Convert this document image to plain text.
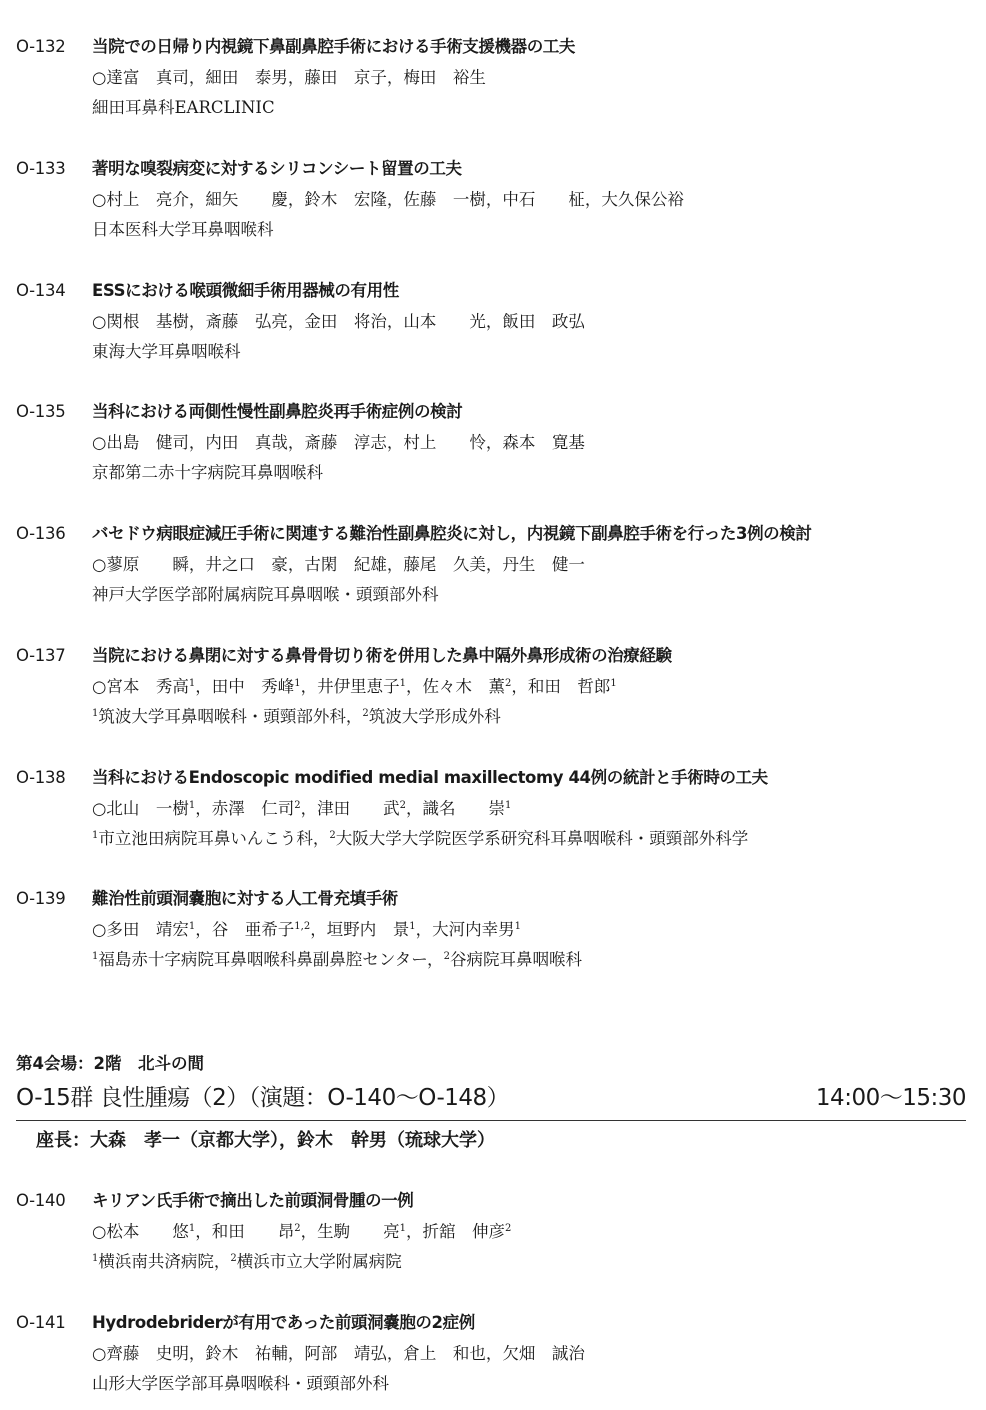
第4会場：2階　北斗の間
O-15群 良性腫瘍（2）（演題：O-140～O-148）	14:00～15:30
座長：大森　孝一（京都大学），鈴木　幹男（琉球大学）
O-132 当院での日帰り内視鏡下鼻副鼻腔手術における手術支援機器の工夫
○達富　真司，細田　泰男，藤田　京子，梅田　裕生
細田耳鼻科EARCLINIC
O-133 著明な嗅裂病変に対するシリコンシート留置の工夫
○村上　亮介，細矢　　慶，鈴木　宏隆，佐藤　一樹，中石　　柾，大久保公裕
日本医科大学耳鼻咽喉科
O-134 ESSにおける喉頭微細手術用器械の有用性
○関根　基樹，斎藤　弘亮，金田　将治，山本　　光，飯田　政弘
東海大学耳鼻咽喉科
O-135 当科における両側性慢性副鼻腔炎再手術症例の検討
○出島　健司，内田　真哉，斎藤　淳志，村上　　怜，森本　寛基
京都第二赤十字病院耳鼻咽喉科
O-136 バセドウ病眼症減圧手術に関連する難治性副鼻腔炎に対し，内視鏡下副鼻腔手術を行った3例の検討
○蓼原　　瞬，井之口　豪，古閑　紀雄，藤尾　久美，丹生　健一
神戸大学医学部附属病院耳鼻咽喉・頭頸部外科
O-137 当院における鼻閉に対する鼻骨骨切り術を併用した鼻中隔外鼻形成術の治療経験
○宮本　秀高$^1$，田中　秀峰$^1$，井伊里恵子$^1$，佐々木　薫$^2$，和田　哲郎$^1$
$^1$筑波大学耳鼻咽喉科・頭頸部外科，$^2$筑波大学形成外科
O-138 当科におけるEndoscopic modified medial maxillectomy 44例の統計と手術時の工夫
○北山　一樹$^1$，赤澤　仁司$^2$，津田　　武$^2$，識名　　崇$^1$
$^1$市立池田病院耳鼻いんこう科，$^2$大阪大学大学院医学系研究科耳鼻咽喉科・頭頸部外科学
O-139 難治性前頭洞嚢胞に対する人工骨充填手術
○多田　靖宏$^1$，谷　亜希子$^{1,2}$，垣野内　景$^1$，大河内幸男$^1$
$^1$福島赤十字病院耳鼻咽喉科鼻副鼻腔センター，$^2$谷病院耳鼻咽喉科
O-140 キリアン氏手術で摘出した前頭洞骨腫の一例
○松本　　悠$^1$，和田　　昂$^2$，生駒　　亮$^1$，折舘　伸彦$^2$
$^1$横浜南共済病院，$^2$横浜市立大学附属病院
O-141 Hydrodebriderが有用であった前頭洞嚢胞の2症例
○齊藤　史明，鈴木　祐輔，阿部　靖弘，倉上　和也，欠畑　誠治
山形大学医学部耳鼻咽喉科・頭頸部外科
